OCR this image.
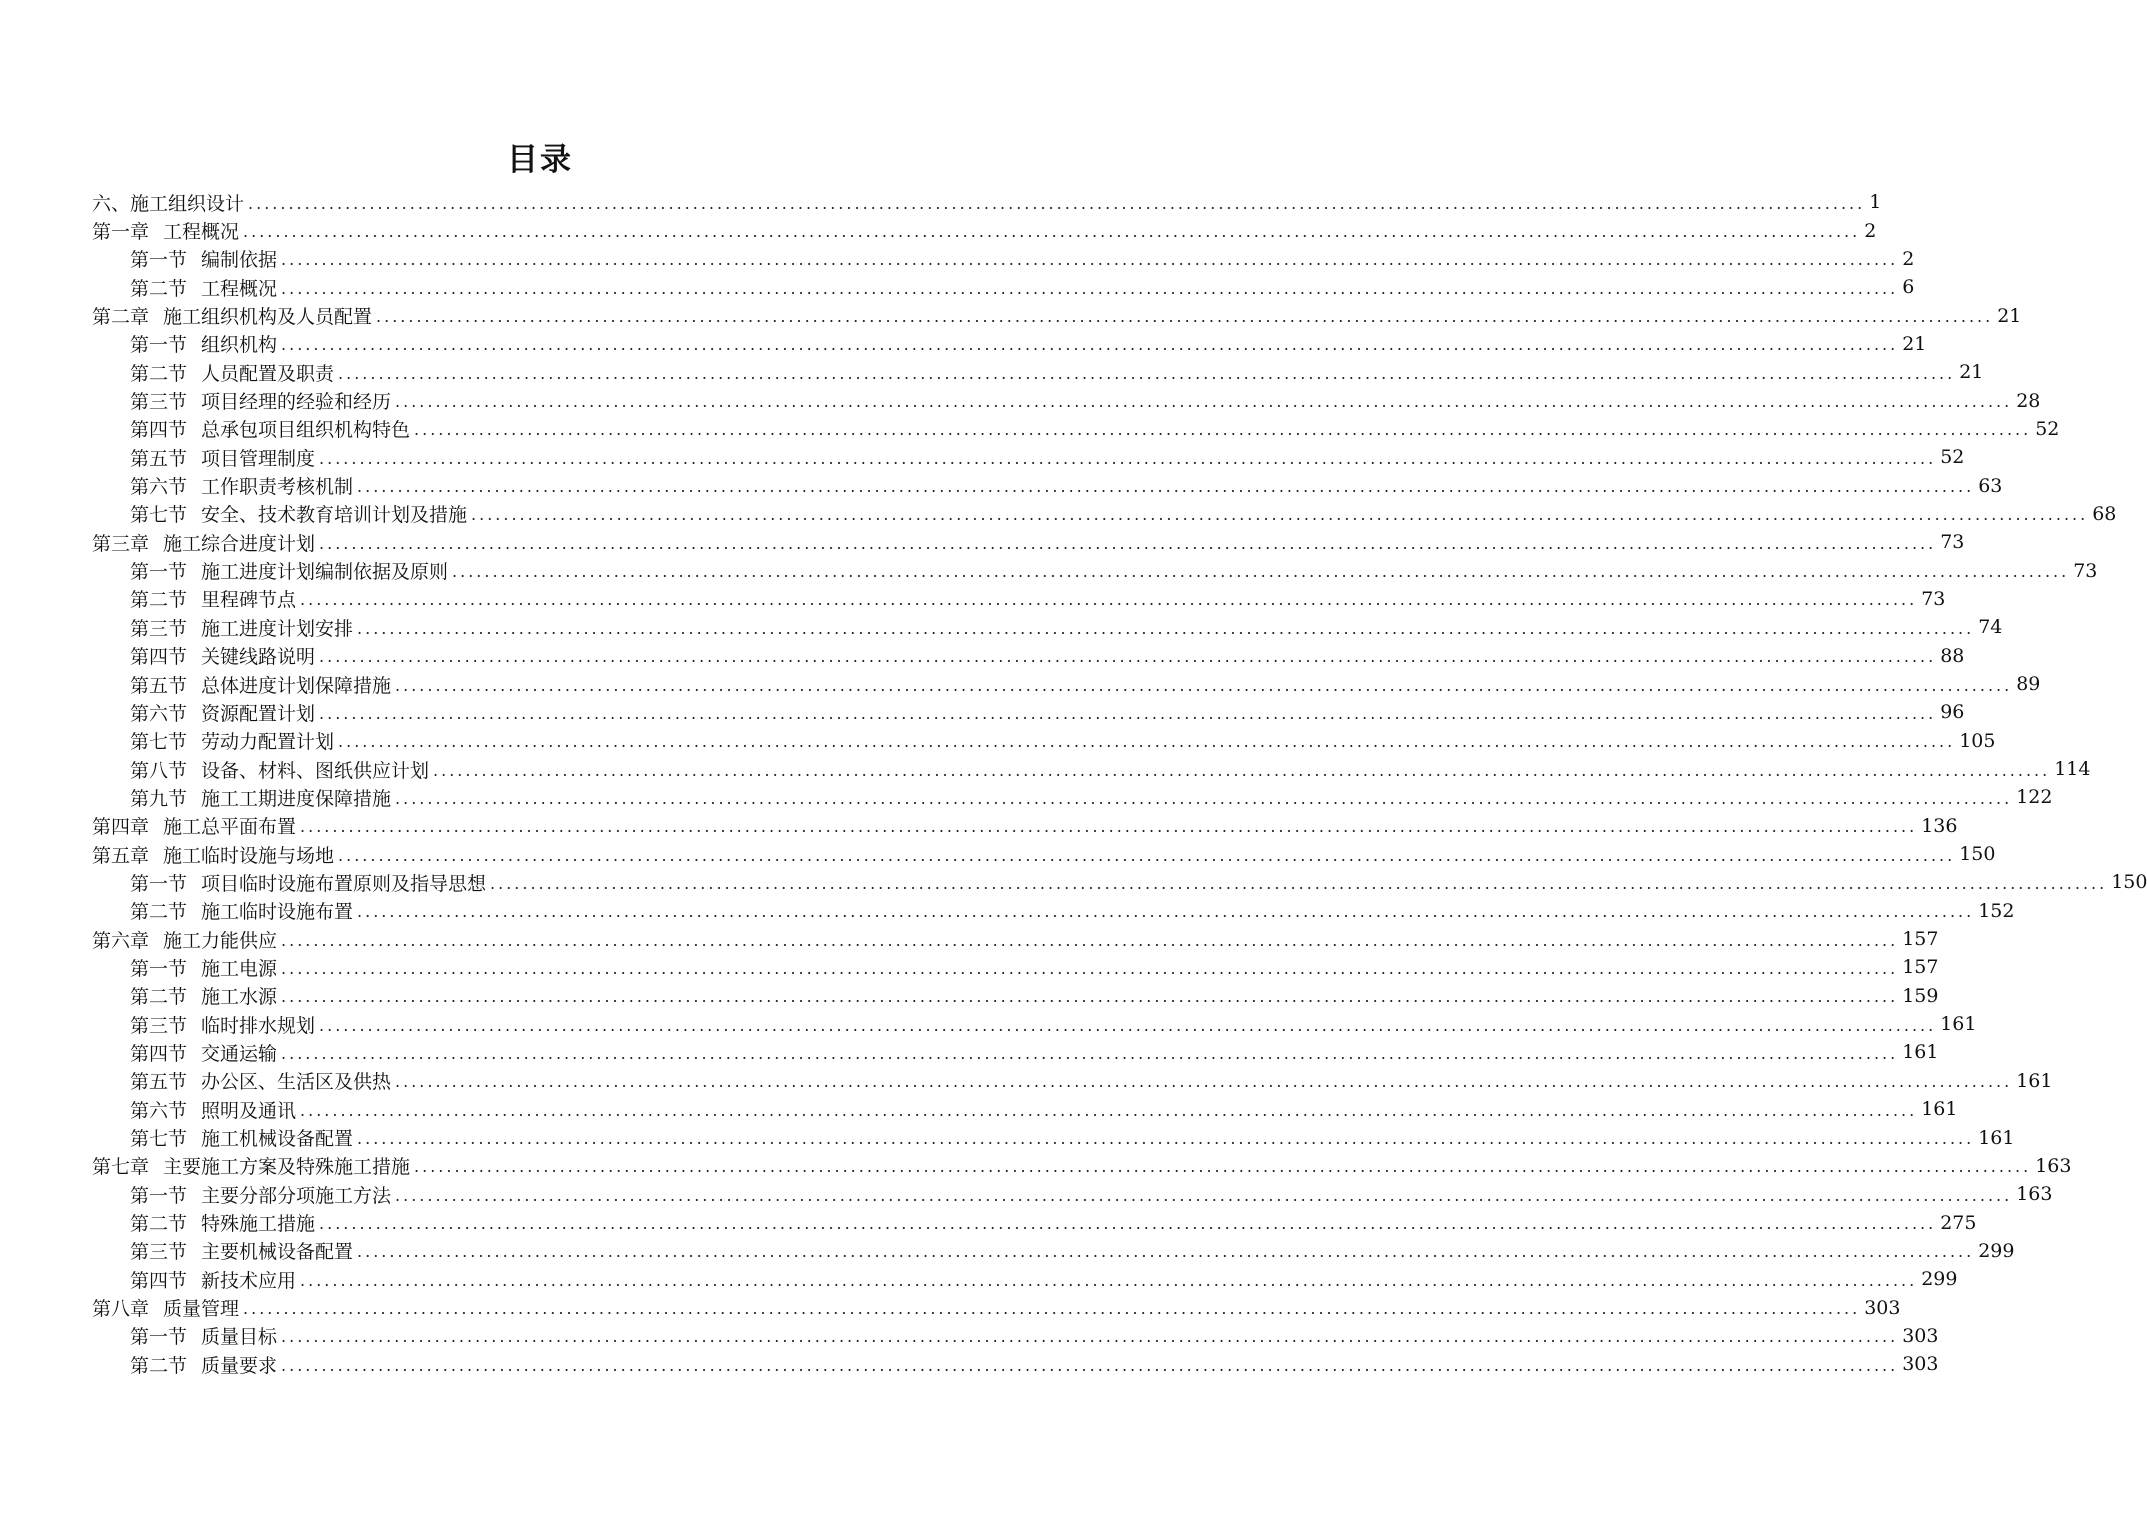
目录
六、施工组织设计 ........................................................................................................................................................................................................ 1
第一章 工程概况 ........................................................................................................................................................................................................ 2
第一节 编制依据 ........................................................................................................................................................................................................ 2
第二节 工程概况 ........................................................................................................................................................................................................ 6
第二章 施工组织机构及人员配置 ........................................................................................................................................................................................................ 21
第一节 组织机构 ........................................................................................................................................................................................................ 21
第二节 人员配置及职责 ........................................................................................................................................................................................................ 21
第三节 项目经理的经验和经历 ........................................................................................................................................................................................................ 28
第四节 总承包项目组织机构特色 ........................................................................................................................................................................................................ 52
第五节 项目管理制度 ........................................................................................................................................................................................................ 52
第六节 工作职责考核机制 ........................................................................................................................................................................................................ 63
第七节 安全、技术教育培训计划及措施 ........................................................................................................................................................................................................ 68
第三章 施工综合进度计划 ........................................................................................................................................................................................................ 73
第一节 施工进度计划编制依据及原则 ........................................................................................................................................................................................................ 73
第二节 里程碑节点 ........................................................................................................................................................................................................ 73
第三节 施工进度计划安排 ........................................................................................................................................................................................................ 74
第四节 关键线路说明 ........................................................................................................................................................................................................ 88
第五节 总体进度计划保障措施 ........................................................................................................................................................................................................ 89
第六节 资源配置计划 ........................................................................................................................................................................................................ 96
第七节 劳动力配置计划 ........................................................................................................................................................................................................ 105
第八节 设备、材料、图纸供应计划 ........................................................................................................................................................................................................ 114
第九节 施工工期进度保障措施 ........................................................................................................................................................................................................ 122
第四章 施工总平面布置 ........................................................................................................................................................................................................ 136
第五章 施工临时设施与场地 ........................................................................................................................................................................................................ 150
第一节 项目临时设施布置原则及指导思想 ........................................................................................................................................................................................................ 150
第二节 施工临时设施布置 ........................................................................................................................................................................................................ 152
第六章 施工力能供应 ........................................................................................................................................................................................................ 157
第一节 施工电源 ........................................................................................................................................................................................................ 157
第二节 施工水源 ........................................................................................................................................................................................................ 159
第三节 临时排水规划 ........................................................................................................................................................................................................ 161
第四节 交通运输 ........................................................................................................................................................................................................ 161
第五节 办公区、生活区及供热 ........................................................................................................................................................................................................ 161
第六节 照明及通讯 ........................................................................................................................................................................................................ 161
第七节 施工机械设备配置 ........................................................................................................................................................................................................ 161
第七章 主要施工方案及特殊施工措施 ........................................................................................................................................................................................................ 163
第一节 主要分部分项施工方法 ........................................................................................................................................................................................................ 163
第二节 特殊施工措施 ........................................................................................................................................................................................................ 275
第三节 主要机械设备配置 ........................................................................................................................................................................................................ 299
第四节 新技术应用 ........................................................................................................................................................................................................ 299
第八章 质量管理 ........................................................................................................................................................................................................ 303
第一节 质量目标 ........................................................................................................................................................................................................ 303
第二节 质量要求 ........................................................................................................................................................................................................ 303
